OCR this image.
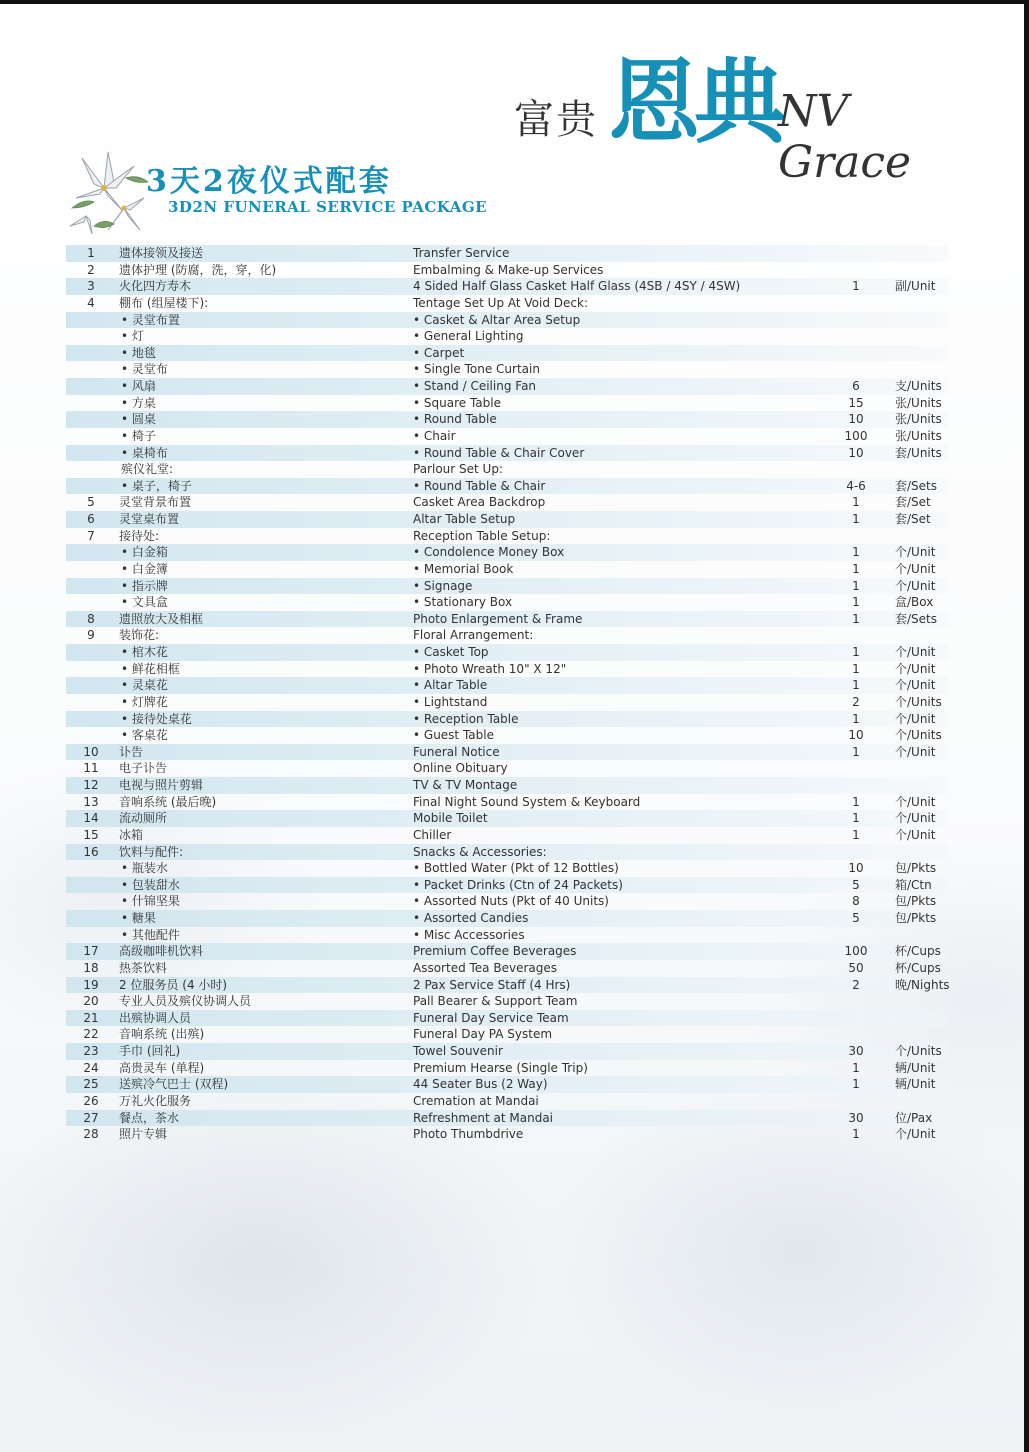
富贵 恩典
NV Grace
3天2夜仪式配套
3D2N FUNERAL SERVICE PACKAGE
1	遗体接领及接送	Transfer Service
2	遗体护理 (防腐，洗，穿，化)	Embalming & Make-up Services
3	火化四方寿木	4 Sided Half Glass Casket Half Glass (4SB / 4SY / 4SW)	1	副/Unit
4	棚布 (组屋楼下):	Tentage Set Up At Void Deck:
• 灵堂布置	• Casket & Altar Area Setup
• 灯	• General Lighting
• 地毯	• Carpet
• 灵堂布	• Single Tone Curtain
• 风扇	• Stand / Ceiling Fan	6	支/Units
• 方桌	• Square Table	15	张/Units
• 圆桌	• Round Table	10	张/Units
• 椅子	• Chair	100	张/Units
• 桌椅布	• Round Table & Chair Cover	10	套/Units
殡仪礼堂:	Parlour Set Up:
• 桌子，椅子	• Round Table & Chair	4-6	套/Sets
5	灵堂背景布置	Casket Area Backdrop	1	套/Set
6	灵堂桌布置	Altar Table Setup	1	套/Set
7	接待处:	Reception Table Setup:
• 白金箱	• Condolence Money Box	1	个/Unit
• 白金簿	• Memorial Book	1	个/Unit
• 指示牌	• Signage	1	个/Unit
• 文具盒	• Stationary Box	1	盒/Box
8	遗照放大及相框	Photo Enlargement & Frame	1	套/Sets
9	装饰花:	Floral Arrangement:
• 棺木花	• Casket Top	1	个/Unit
• 鲜花相框	• Photo Wreath 10" X 12"	1	个/Unit
• 灵桌花	• Altar Table	1	个/Unit
• 灯牌花	• Lightstand	2	个/Units
• 接待处桌花	• Reception Table	1	个/Unit
• 客桌花	• Guest Table	10	个/Units
10	讣告	Funeral Notice	1	个/Unit
11	电子讣告	Online Obituary
12	电视与照片剪辑	TV & TV Montage
13	音响系统 (最后晚)	Final Night Sound System & Keyboard	1	个/Unit
14	流动厕所	Mobile Toilet	1	个/Unit
15	冰箱	Chiller	1	个/Unit
16	饮料与配件:	Snacks & Accessories:
• 瓶装水	• Bottled Water (Pkt of 12 Bottles)	10	包/Pkts
• 包装甜水	• Packet Drinks (Ctn of 24 Packets)	5	箱/Ctn
• 什锦坚果	• Assorted Nuts (Pkt of 40 Units)	8	包/Pkts
• 糖果	• Assorted Candies	5	包/Pkts
• 其他配件	• Misc Accessories
17	高级咖啡机饮料	Premium Coffee Beverages	100	杯/Cups
18	热茶饮料	Assorted Tea Beverages	50	杯/Cups
19	2 位服务员 (4 小时)	2 Pax Service Staff (4 Hrs)	2	晚/Nights
20	专业人员及殡仪协调人员	Pall Bearer & Support Team
21	出殡协调人员	Funeral Day Service Team
22	音响系统 (出殡)	Funeral Day PA System
23	手巾 (回礼)	Towel Souvenir	30	个/Units
24	高贵灵车 (单程)	Premium Hearse (Single Trip)	1	辆/Unit
25	送殡冷气巴士 (双程)	44 Seater Bus (2 Way)	1	辆/Unit
26	万礼火化服务	Cremation at Mandai
27	餐点，茶水	Refreshment at Mandai	30	位/Pax
28	照片专辑	Photo Thumbdrive	1	个/Unit
